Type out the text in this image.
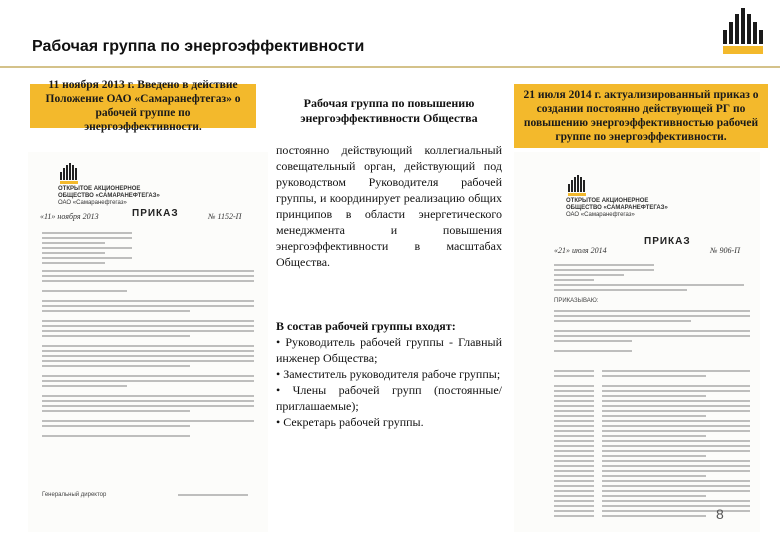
Рабочая группа по энергоэффективности
11 ноября 2013 г. Введено в действие Положение ОАО «Самаранефтегаз» о рабочей группе по энергоэффективности.
21 июля 2014 г. актуализированный приказ о создании постоянно действующей РГ по повышению энергоэффективностью рабочей группе по энергоэффективности.
ОТКРЫТОЕ АКЦИОНЕРНОЕ ОБЩЕСТВО «САМАРАНЕФТЕГАЗ»
ОАО «Самаранефтегаз»
«11» ноября 2013	ПРИКАЗ	№ 1152-П
Генеральный директор
Рабочая группа по повышению энергоэффективности Общества
постоянно действующий коллегиальный совещательный орган, действующий под руководством Руководителя рабочей группы, и координирует реализацию общих принципов в области энергетического менеджмента и повышения энергоэффективности в масштабах Общества.
В состав рабочей группы входят:
• Руководитель рабочей группы - Главный инженер Общества;
• Заместитель руководителя рабоче группы;
• Члены рабочей групп (постоянные/приглашаемые);
• Секретарь рабочей группы.
ОТКРЫТОЕ АКЦИОНЕРНОЕ ОБЩЕСТВО «САМАРАНЕФТЕГАЗ»
ОАО «Самаранефтегаз»
«21» июля 2014
ПРИКАЗ
№ 906-П
ПРИКАЗЫВАЮ:
8
